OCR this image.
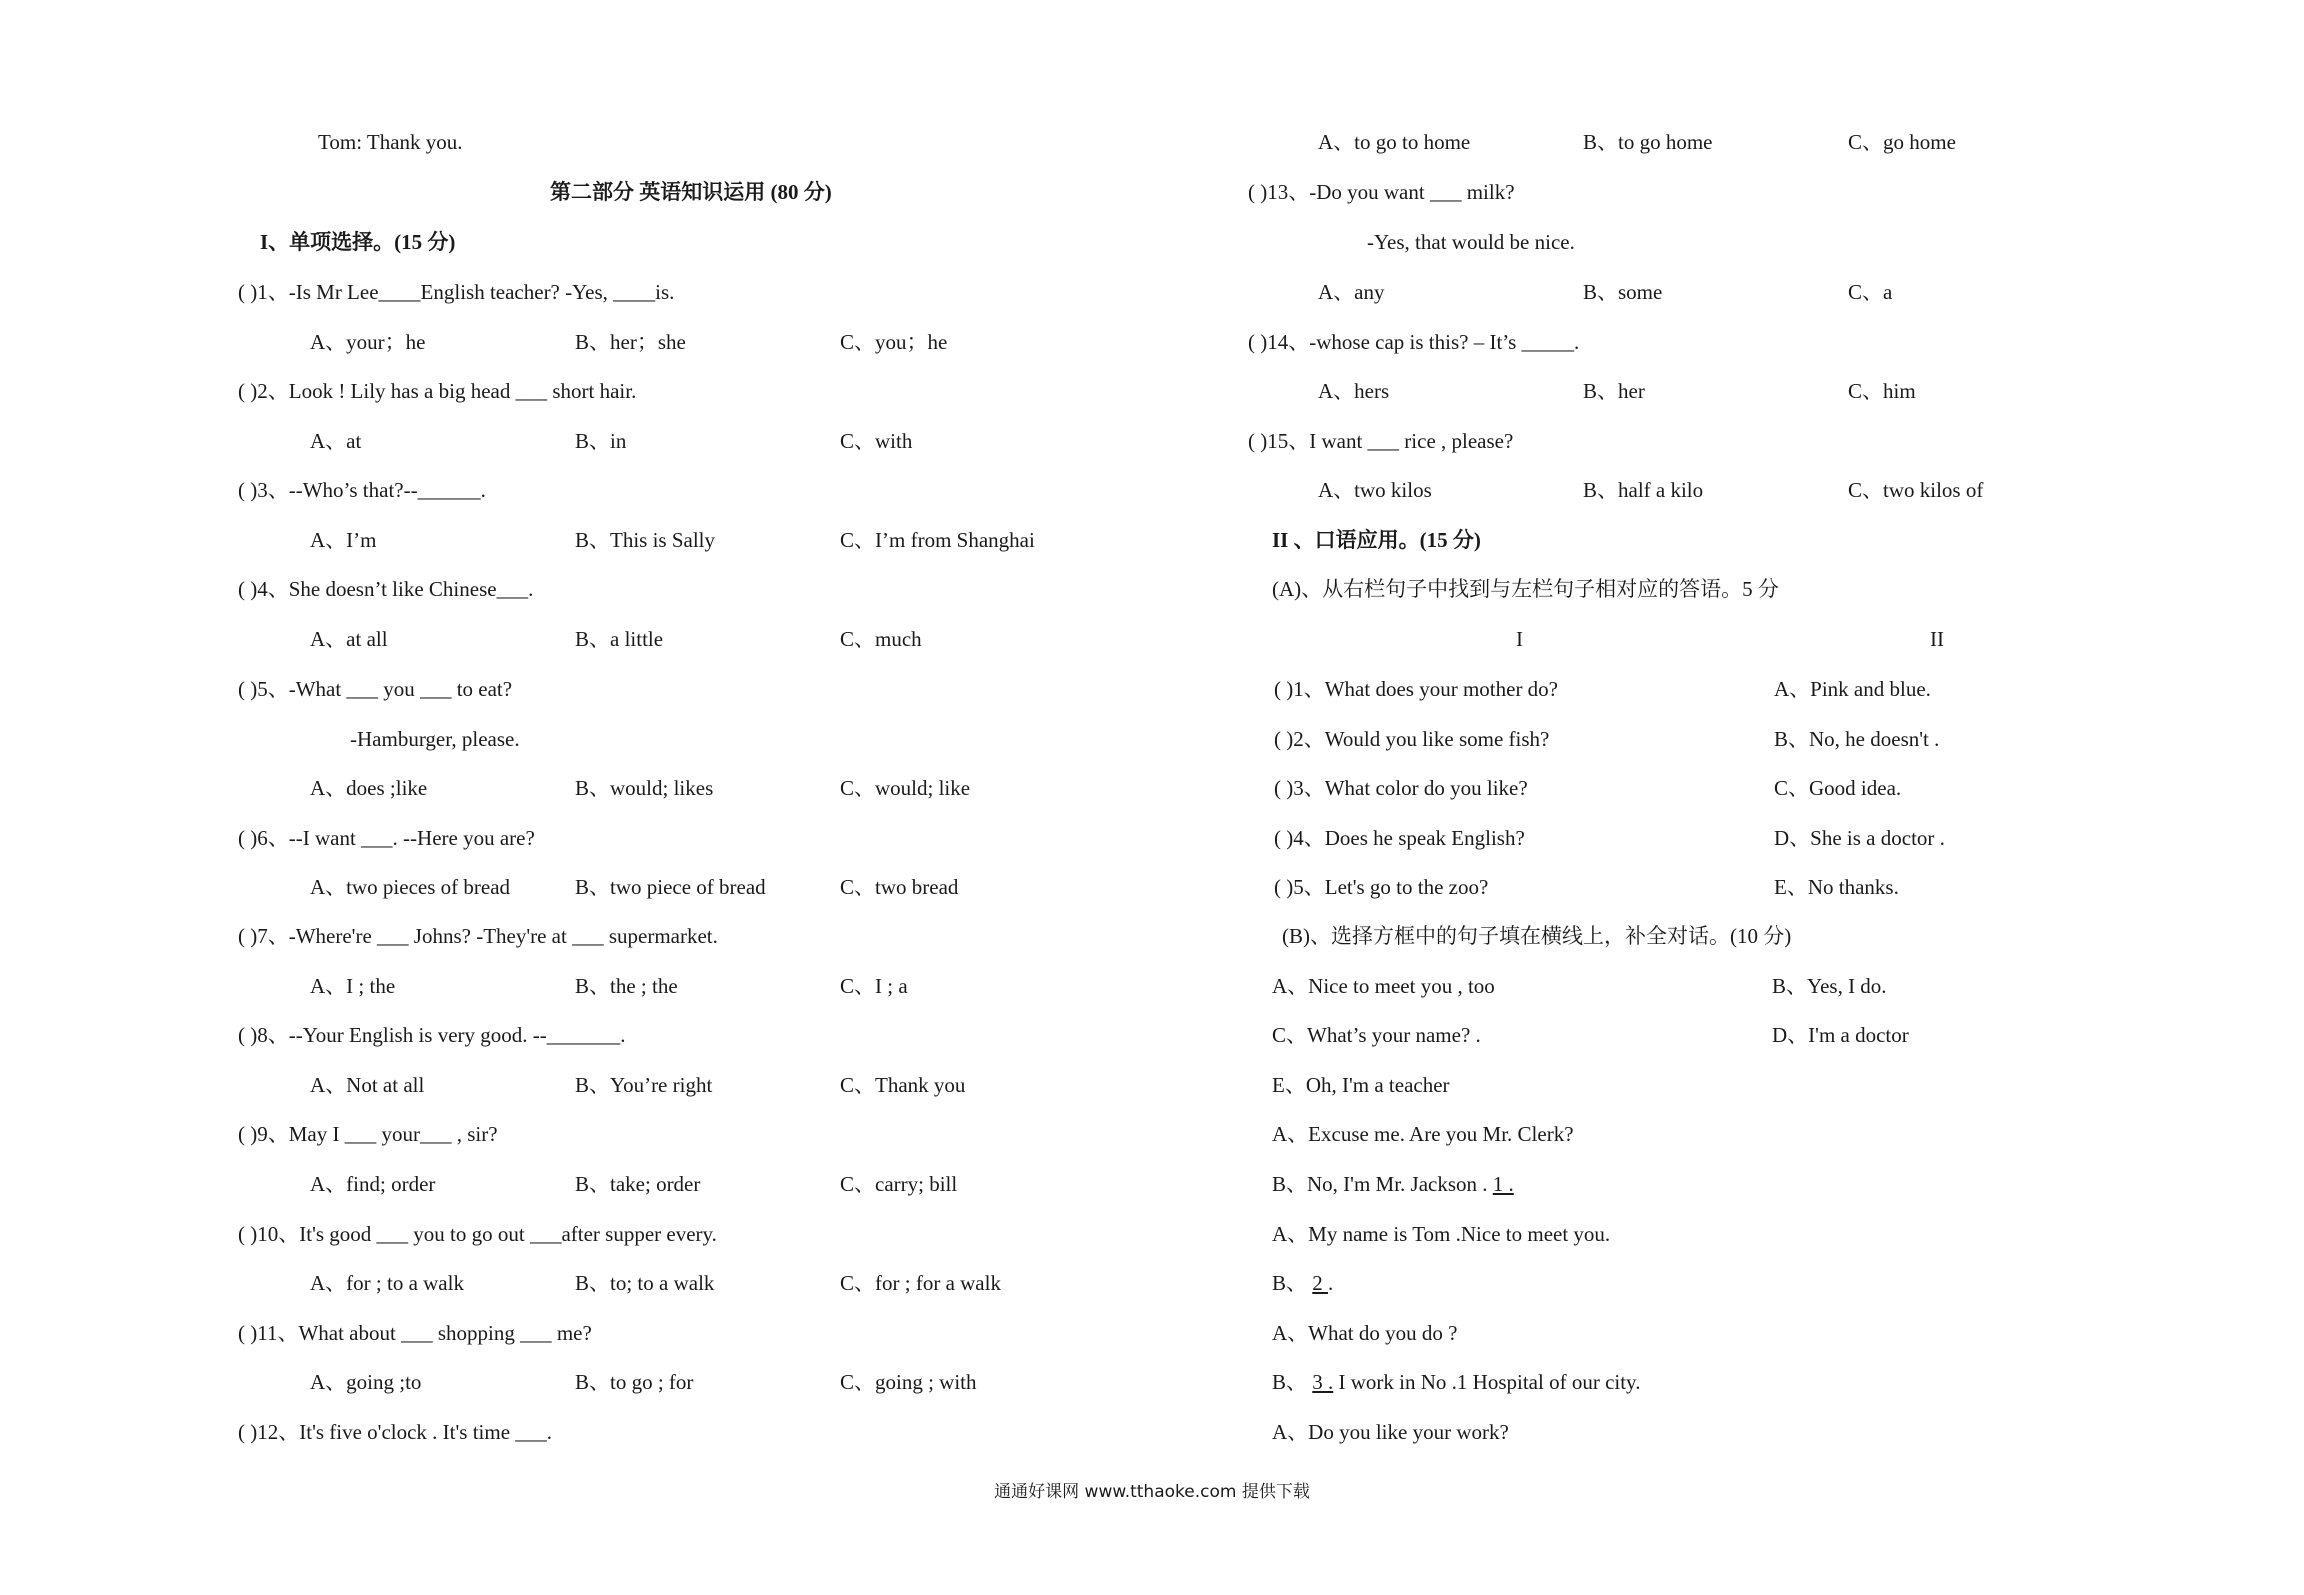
Tom: Thank you.
第二部分 英语知识运用 (80 分)
I、单项选择。(15 分)
( )1、-Is Mr Lee____English teacher? -Yes, ____is.
A、your；he	B、her；she	C、you；he
( )2、Look ! Lily has a big head ___ short hair.
A、at	B、in	C、with
( )3、--Who’s that?--______.
A、I’m	B、This is Sally	C、I’m from Shanghai
( )4、She doesn’t like Chinese___.
A、at all	B、a little	C、much
( )5、-What ___ you ___ to eat?
-Hamburger, please.
A、does ;like	B、would; likes	C、would; like
( )6、--I want ___. --Here you are?
A、two pieces of bread	B、two piece of bread	C、two bread
( )7、-Where're ___ Johns? -They're at ___ supermarket.
A、I ; the	B、the ; the	C、I ; a
( )8、--Your English is very good. --_______.
A、Not at all	B、You’re right	C、Thank you
( )9、May I ___ your___ , sir?
A、find; order	B、take; order	C、carry; bill
( )10、It's good ___ you to go out ___after supper every.
A、for ; to a walk	B、to; to a walk	C、for ; for a walk
( )11、What about ___ shopping ___ me?
A、going ;to	B、to go ; for	C、going ; with
( )12、It's five o'clock . It's time ___.
A、to go to home	B、to go home	C、go home
( )13、-Do you want ___ milk?
-Yes, that would be nice.
A、any	B、some	C、a
( )14、-whose cap is this? – It’s _____.
A、hers	B、her	C、him
( )15、I want ___ rice , please?
A、two kilos	B、half a kilo	C、two kilos of
II 、口语应用。(15 分)
(A)、从右栏句子中找到与左栏句子相对应的答语。5 分
I	II
( )1、What does your mother do?	A、Pink and blue.
( )2、Would you like some fish?	B、No, he doesn't .
( )3、What color do you like?	C、Good idea.
( )4、Does he speak English?	D、She is a doctor .
( )5、Let's go to the zoo?	E、No thanks.
(B)、选择方框中的句子填在横线上，补全对话。(10 分)
A、Nice to meet you , too	B、Yes, I do.
C、What’s your name? .	D、I'm a doctor
E、Oh, I'm a teacher
A、Excuse me. Are you Mr. Clerk?
B、No, I'm Mr. Jackson . 1 .
A、My name is Tom .Nice to meet you.
B、 2 .
A、What do you do ?
B、 3 . I work in No .1 Hospital of our city.
A、Do you like your work?
通通好课网 www.tthaoke.com 提供下载
